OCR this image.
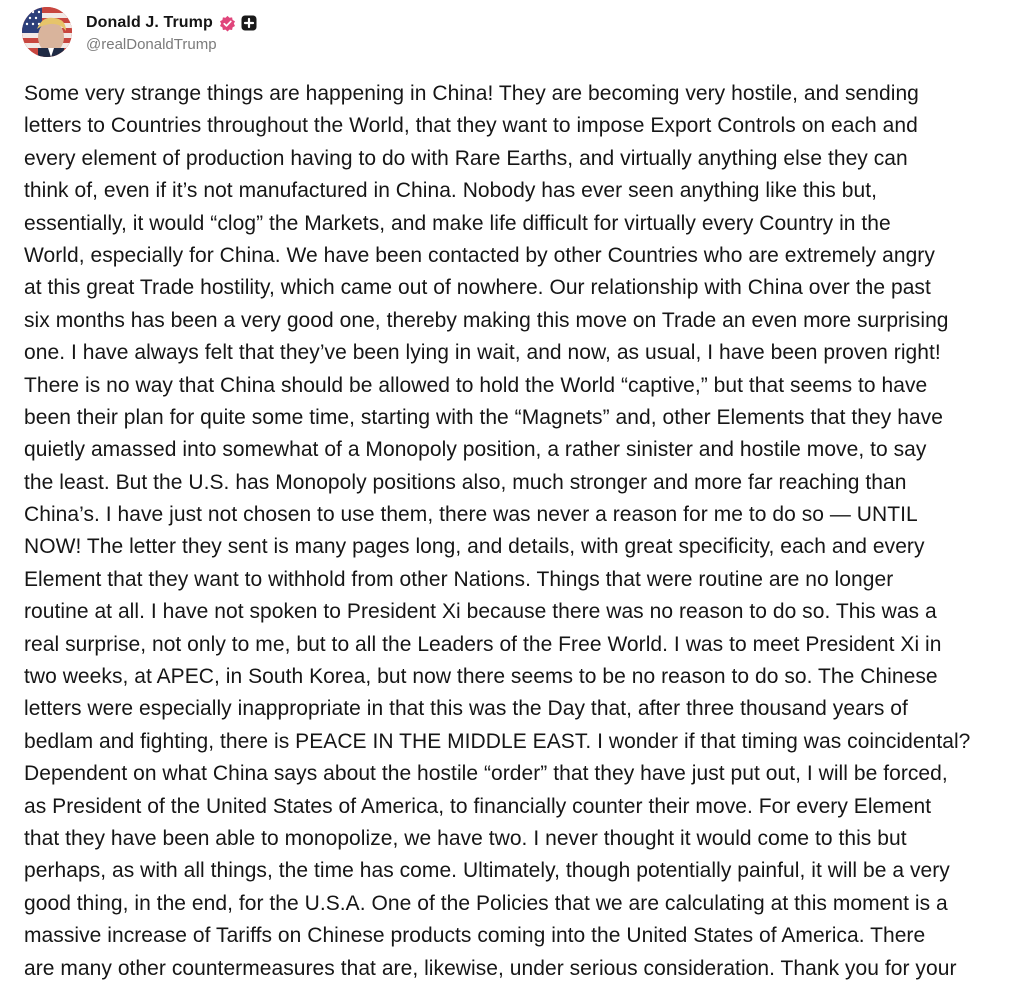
Donald J. Trump
@realDonaldTrump
Some very strange things are happening in China! They are becoming very hostile, and sending
letters to Countries throughout the World, that they want to impose Export Controls on each and
every element of production having to do with Rare Earths, and virtually anything else they can
think of, even if it’s not manufactured in China. Nobody has ever seen anything like this but,
essentially, it would “clog” the Markets, and make life difficult for virtually every Country in the
World, especially for China. We have been contacted by other Countries who are extremely angry
at this great Trade hostility, which came out of nowhere. Our relationship with China over the past
six months has been a very good one, thereby making this move on Trade an even more surprising
one. I have always felt that they’ve been lying in wait, and now, as usual, I have been proven right!
There is no way that China should be allowed to hold the World “captive,” but that seems to have
been their plan for quite some time, starting with the “Magnets” and, other Elements that they have
quietly amassed into somewhat of a Monopoly position, a rather sinister and hostile move, to say
the least. But the U.S. has Monopoly positions also, much stronger and more far reaching than
China’s. I have just not chosen to use them, there was never a reason for me to do so — UNTIL
NOW! The letter they sent is many pages long, and details, with great specificity, each and every
Element that they want to withhold from other Nations. Things that were routine are no longer
routine at all. I have not spoken to President Xi because there was no reason to do so. This was a
real surprise, not only to me, but to all the Leaders of the Free World. I was to meet President Xi in
two weeks, at APEC, in South Korea, but now there seems to be no reason to do so. The Chinese
letters were especially inappropriate in that this was the Day that, after three thousand years of
bedlam and fighting, there is PEACE IN THE MIDDLE EAST. I wonder if that timing was coincidental?
Dependent on what China says about the hostile “order” that they have just put out, I will be forced,
as President of the United States of America, to financially counter their move. For every Element
that they have been able to monopolize, we have two. I never thought it would come to this but
perhaps, as with all things, the time has come. Ultimately, though potentially painful, it will be a very
good thing, in the end, for the U.S.A. One of the Policies that we are calculating at this moment is a
massive increase of Tariffs on Chinese products coming into the United States of America. There
are many other countermeasures that are, likewise, under serious consideration. Thank you for your
